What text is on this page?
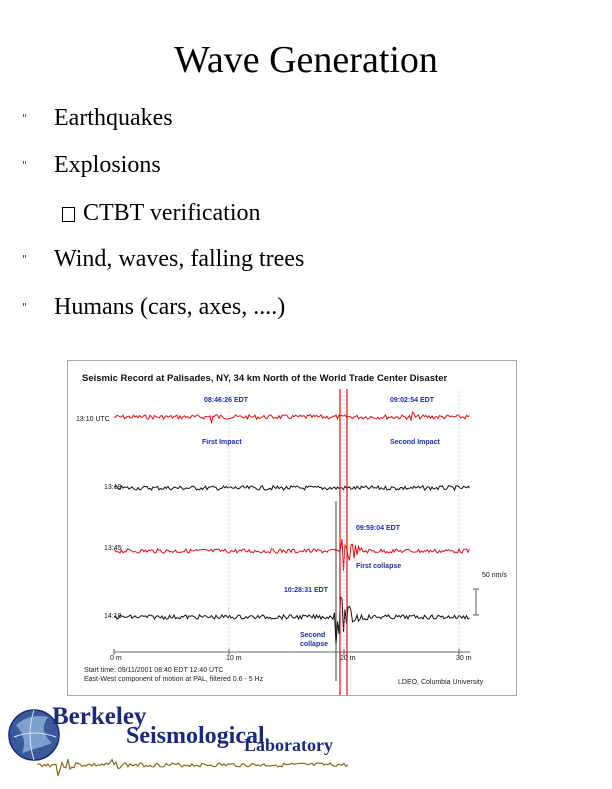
Wave Generation
"	Earthquakes
"	Explosions
CTBT verification
"	Wind, waves, falling trees
"	Humans (cars, axes, ....)
Seismic Record at Palisades, NY, 34 km North of the World Trade Center Disaster
13:10 UTC
13:19
13:45
14:10
08:46:26 EDT	09:02:54 EDT
First Impact	Second Impact
09:59:04 EDT
First collapse
10:28:31 EDT
Second collapse
50 nm/s
0 m	10 m	20 m	30 m
Start time: 09/11/2001 08:40 EDT 12:40 UTC
East-West component of motion at PAL, filtered 0.6 - 5 Hz	LDEO, Columbia University
Berkeley
Seismological
Laboratory
